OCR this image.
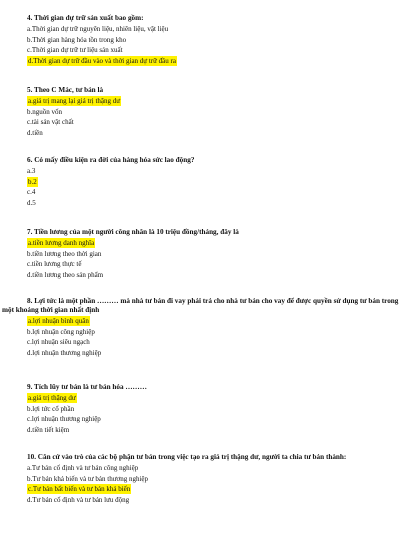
4. Thời gian dự trữ sản xuất bao gồm:

a.Thời gian dự trữ nguyên liệu, nhiên liệu, vật liệu

b.Thời gian hàng hóa tồn trong kho

c.Thời gian dự trữ tư liệu sản xuất

d.Thời gian dự trữ đầu vào và thời gian dự trữ đầu ra

5. Theo C Mác, tư bản là

a.giá trị mang lại giá trị thặng dư

b.nguồn vốn

c.tài sản vật chất

d.tiền

6. Có mấy điều kiện ra đời của hàng hóa sức lao động?

a.3

b.2

c.4

d.5

7. Tiền lương của một người công nhân là 10 triệu đồng/tháng, đây là

a.tiền lương danh nghĩa

b.tiền lương theo thời gian

c.tiền lương thực tế

d.tiền lương theo sản phẩm

8. Lợi tức là một phần ……… mà nhà tư bản đi vay phải trả cho nhà tư bản cho vay để được quyền sử dụng tư bản trong một khoảng thời gian nhất định

a.lợi nhuận bình quân

b.lợi nhuận công nghiệp

c.lợi nhuận siêu ngạch

d.lợi nhuận thương nghiệp

9. Tích lũy tư bản là tư bản hóa ………

a.giá trị thặng dư

b.lợi tức cổ phần

c.lợi nhuận thương nghiệp

d.tiền tiết kiệm

10. Căn cứ vào trò của các bộ phận tư bản trong việc tạo ra giá trị thặng dư, người ta chia tư bản thành:

a.Tư bản cố định và tư bản công nghiệp

b.Tư bản khả biến và tư bản thương nghiệp

c.Tư bản bất biến và tư bản khả biến

d.Tư bản cố định và tư bản lưu động
